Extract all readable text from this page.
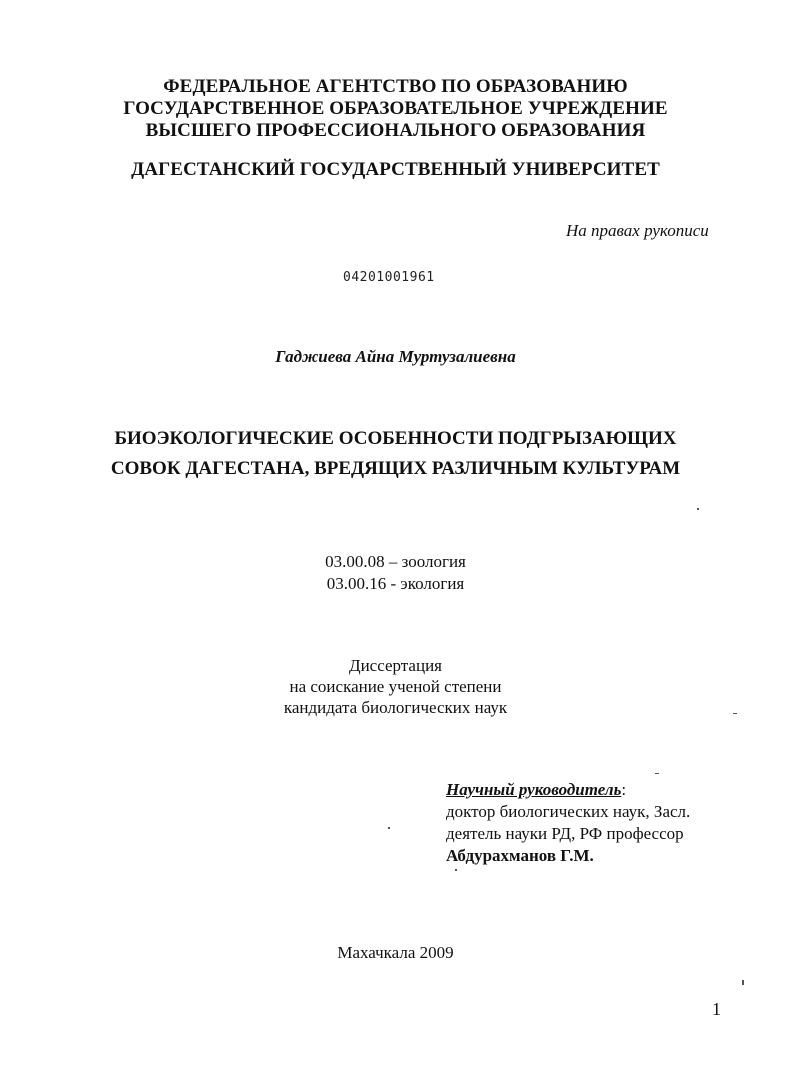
ФЕДЕРАЛЬНОЕ АГЕНТСТВО ПО ОБРАЗОВАНИЮ
ГОСУДАРСТВЕННОЕ ОБРАЗОВАТЕЛЬНОЕ УЧРЕЖДЕНИЕ
ВЫСШЕГО ПРОФЕССИОНАЛЬНОГО ОБРАЗОВАНИЯ
ДАГЕСТАНСКИЙ ГОСУДАРСТВЕННЫЙ УНИВЕРСИТЕТ
На правах рукописи
04201001961
Гаджиева Айна Муртузалиевна
БИОЭКОЛОГИЧЕСКИЕ ОСОБЕННОСТИ ПОДГРЫЗАЮЩИХ
СОВОК ДАГЕСТАНА, ВРЕДЯЩИХ РАЗЛИЧНЫМ КУЛЬТУРАМ
03.00.08 – зоология
03.00.16 - экология
Диссертация
на соискание ученой степени
кандидата биологических наук
Научный руководитель:
доктор биологических наук, Засл.
деятель науки РД, РФ профессор
Абдурахманов Г.М.
Махачкала 2009
1
